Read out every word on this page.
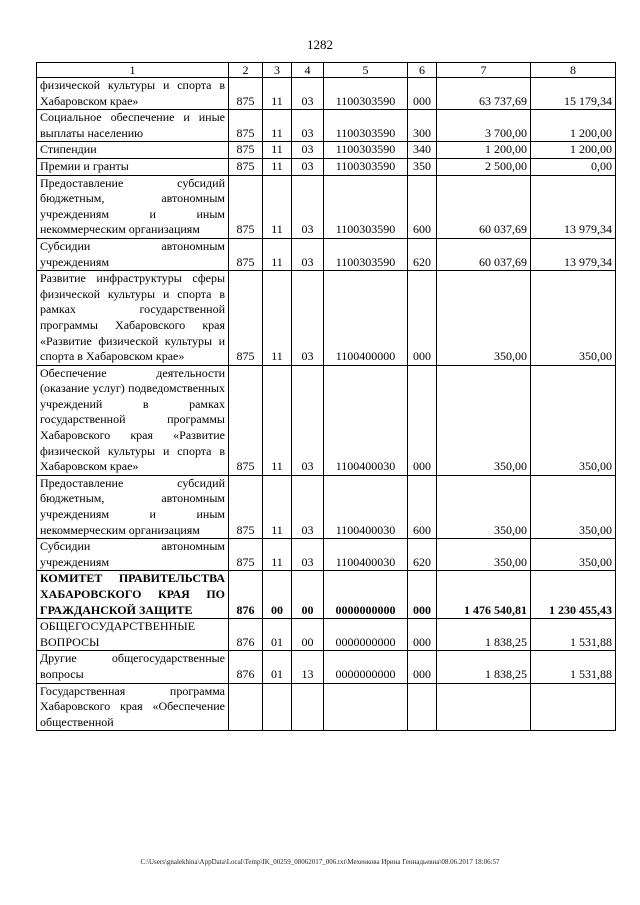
1282
1	2	3	4	5	6	7	8
физической культуры и спорта в Хабаровском крае»	875	11	03	1100303590	000	63 737,69	15 179,34
Социальное обеспечение и иные выплаты населению	875	11	03	1100303590	300	3 700,00	1 200,00
Стипендии	875	11	03	1100303590	340	1 200,00	1 200,00
Премии и гранты	875	11	03	1100303590	350	2 500,00	0,00
Предоставление субсидий бюджетным, автономным учреждениям и иным некоммерческим организациям	875	11	03	1100303590	600	60 037,69	13 979,34
Субсидии автономным учреждениям	875	11	03	1100303590	620	60 037,69	13 979,34
Развитие инфраструктуры сферы физической культуры и спорта в рамках государственной программы Хабаровского края «Развитие физической культуры и спорта в Хабаровском крае»	875	11	03	1100400000	000	350,00	350,00
Обеспечение деятельности (оказание услуг) подведомственных учреждений в рамках государственной программы Хабаровского края «Развитие физической культуры и спорта в Хабаровском крае»	875	11	03	1100400030	000	350,00	350,00
Предоставление субсидий бюджетным, автономным учреждениям и иным некоммерческим организациям	875	11	03	1100400030	600	350,00	350,00
Субсидии автономным учреждениям	875	11	03	1100400030	620	350,00	350,00
КОМИТЕТ ПРАВИТЕЛЬСТВА ХАБАРОВСКОГО КРАЯ ПО ГРАЖДАНСКОЙ ЗАЩИТЕ	876	00	00	0000000000	000	1 476 540,81	1 230 455,43
ОБЩЕГОСУДАРСТВЕННЫЕ ВОПРОСЫ	876	01	00	0000000000	000	1 838,25	1 531,88
Другие общегосударственные вопросы	876	01	13	0000000000	000	1 838,25	1 531,88
Государственная программа Хабаровского края «Обеспечение общественной							
C:\Users\gnalekhina\AppData\Local\Temp\IK_00259_08062017_006.txt\Мехенкова Ирина Геннадьевна\08.06.2017 18:06:57
